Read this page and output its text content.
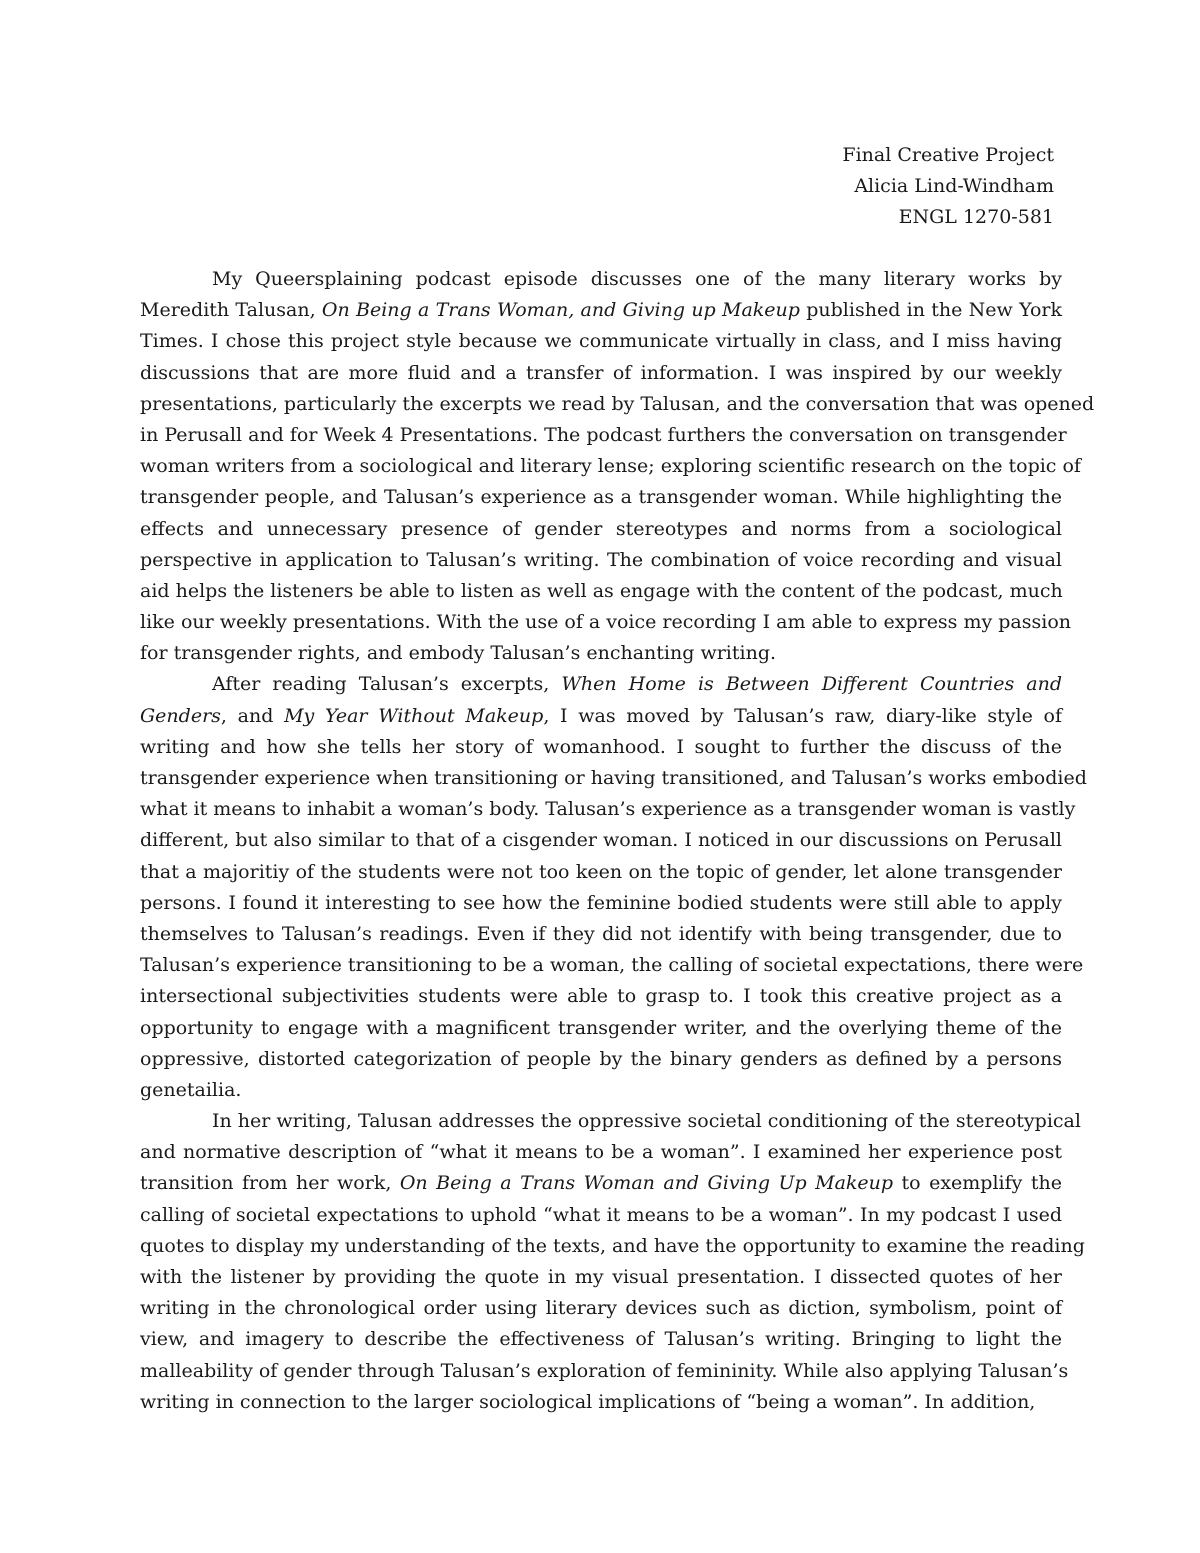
Final Creative Project
Alicia Lind-Windham
ENGL 1270-581
My Queersplaining podcast episode discusses one of the many literary works by
Meredith Talusan, On Being a Trans Woman, and Giving up Makeup published in the New York
Times. I chose this project style because we communicate virtually in class, and I miss having
discussions that are more fluid and a transfer of information. I was inspired by our weekly
presentations, particularly the excerpts we read by Talusan, and the conversation that was opened
in Perusall and for Week 4 Presentations. The podcast furthers the conversation on transgender
woman writers from a sociological and literary lense; exploring scientific research on the topic of
transgender people, and Talusan’s experience as a transgender woman. While highlighting the
effects and unnecessary presence of gender stereotypes and norms from a sociological
perspective in application to Talusan’s writing. The combination of voice recording and visual
aid helps the listeners be able to listen as well as engage with the content of the podcast, much
like our weekly presentations. With the use of a voice recording I am able to express my passion
for transgender rights, and embody Talusan’s enchanting writing.
After reading Talusan’s excerpts, When Home is Between Different Countries and
Genders, and My Year Without Makeup, I was moved by Talusan’s raw, diary-like style of
writing and how she tells her story of womanhood. I sought to further the discuss of the
transgender experience when transitioning or having transitioned, and Talusan’s works embodied
what it means to inhabit a woman’s body. Talusan’s experience as a transgender woman is vastly
different, but also similar to that of a cisgender woman. I noticed in our discussions on Perusall
that a majoritiy of the students were not too keen on the topic of gender, let alone transgender
persons. I found it interesting to see how the feminine bodied students were still able to apply
themselves to Talusan’s readings. Even if they did not identify with being transgender, due to
Talusan’s experience transitioning to be a woman, the calling of societal expectations, there were
intersectional subjectivities students were able to grasp to. I took this creative project as a
opportunity to engage with a magnificent transgender writer, and the overlying theme of the
oppressive, distorted categorization of people by the binary genders as defined by a persons
genetailia.
In her writing, Talusan addresses the oppressive societal conditioning of the stereotypical
and normative description of “what it means to be a woman”. I examined her experience post
transition from her work, On Being a Trans Woman and Giving Up Makeup to exemplify the
calling of societal expectations to uphold “what it means to be a woman”. In my podcast I used
quotes to display my understanding of the texts, and have the opportunity to examine the reading
with the listener by providing the quote in my visual presentation. I dissected quotes of her
writing in the chronological order using literary devices such as diction, symbolism, point of
view, and imagery to describe the effectiveness of Talusan’s writing. Bringing to light the
malleability of gender through Talusan’s exploration of femininity. While also applying Talusan’s
writing in connection to the larger sociological implications of “being a woman”. In addition,
